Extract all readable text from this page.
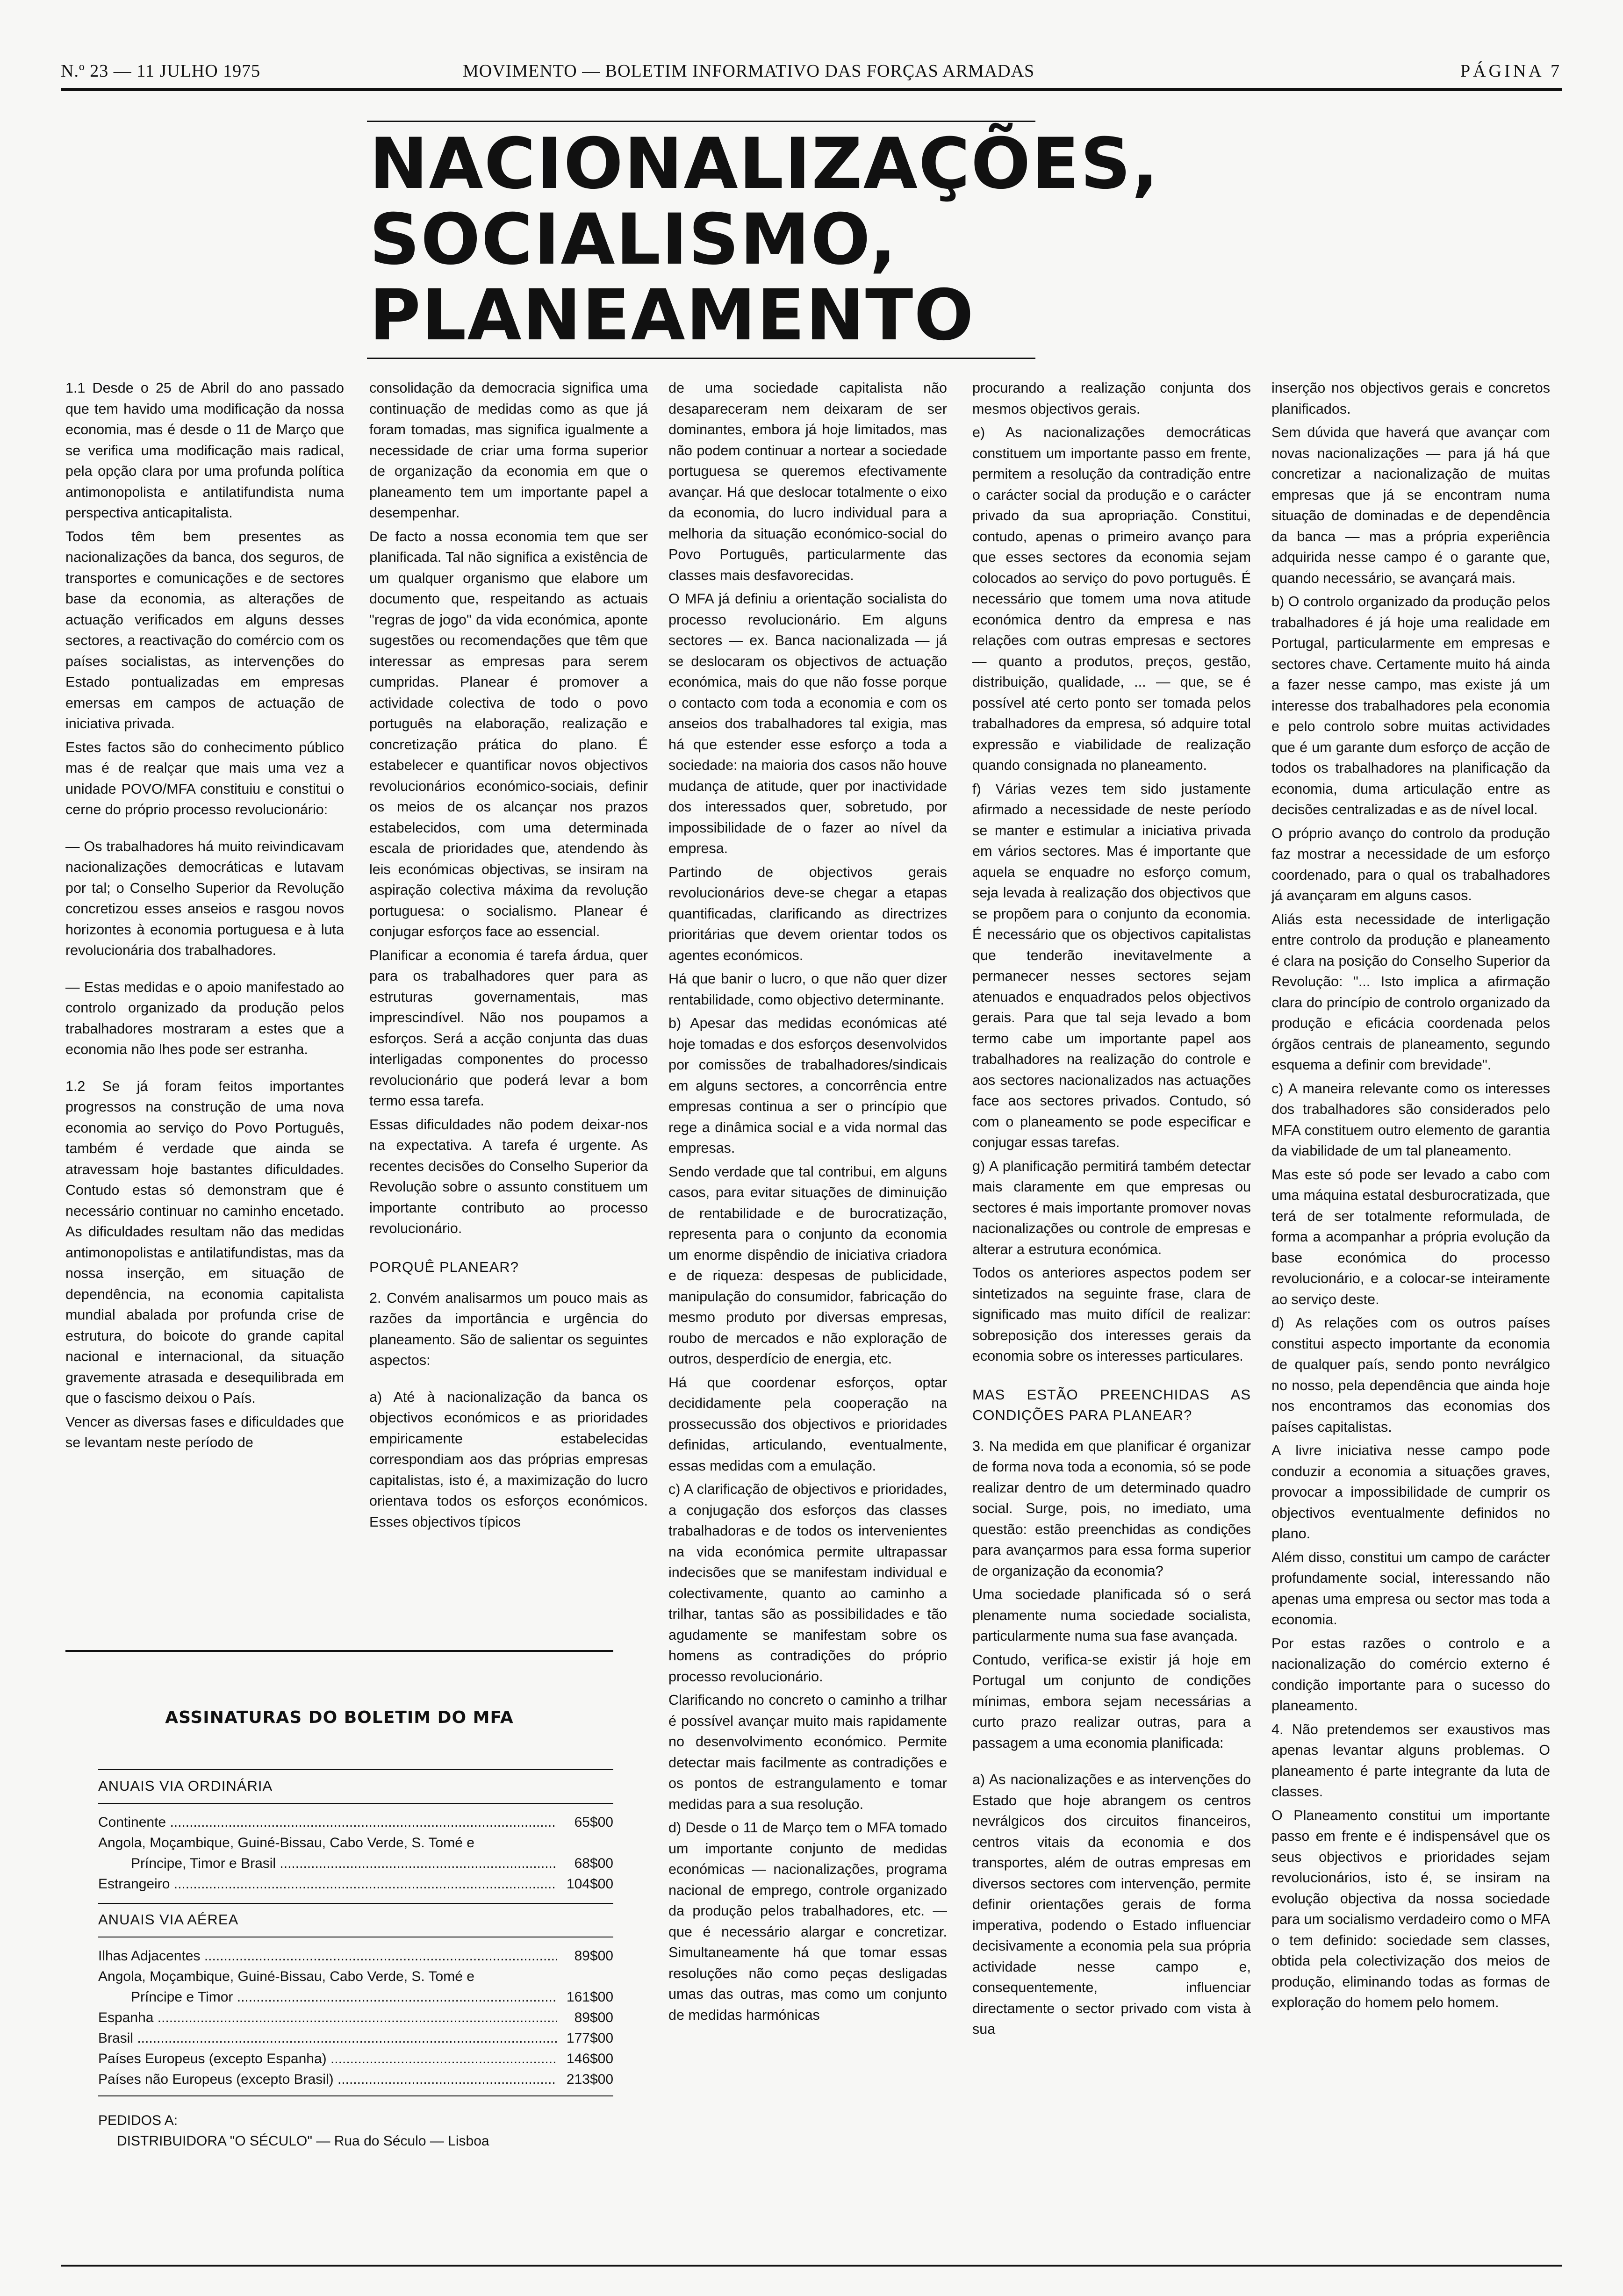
N.º 23 — 11 JULHO 1975	MOVIMENTO — BOLETIM INFORMATIVO DAS FORÇAS ARMADAS	PÁGINA 7
NACIONALIZAÇÕES,
SOCIALISMO,
PLANEAMENTO

1.1 Desde o 25 de Abril do ano passado que tem havido uma modificação da nossa economia, mas é desde o 11 de Março que se verifica uma modificação mais radical, pela opção clara por uma profunda política antimonopolista e antilatifundista numa perspectiva anticapitalista.

Todos têm bem presentes as nacionalizações da banca, dos seguros, de transportes e comunicações e de sectores base da economia, as alterações de actuação verificados em alguns desses sectores, a reactivação do comércio com os países socialistas, as intervenções do Estado pontualizadas em empresas emersas em campos de actuação de iniciativa privada.

Estes factos são do conhecimento público mas é de realçar que mais uma vez a unidade POVO/MFA constituiu e constitui o cerne do próprio processo revolucionário:

— Os trabalhadores há muito reivindicavam nacionalizações democráticas e lutavam por tal; o Conselho Superior da Revolução concretizou esses anseios e rasgou novos horizontes à economia portuguesa e à luta revolucionária dos trabalhadores.

— Estas medidas e o apoio manifestado ao controlo organizado da produção pelos trabalhadores mostraram a estes que a economia não lhes pode ser estranha.

1.2 Se já foram feitos importantes progressos na construção de uma nova economia ao serviço do Povo Português, também é verdade que ainda se atravessam hoje bastantes dificuldades. Contudo estas só demonstram que é necessário continuar no caminho encetado. As dificuldades resultam não das medidas antimonopolistas e antilatifundistas, mas da nossa inserção, em situação de dependência, na economia capitalista mundial abalada por profunda crise de estrutura, do boicote do grande capital nacional e internacional, da situação gravemente atrasada e desequilibrada em que o fascismo deixou o País.

Vencer as diversas fases e dificuldades que se levantam neste período de

consolidação da democracia significa uma continuação de medidas como as que já foram tomadas, mas significa igualmente a necessidade de criar uma forma superior de organização da economia em que o planeamento tem um importante papel a desempenhar.

De facto a nossa economia tem que ser planificada. Tal não significa a existência de um qualquer organismo que elabore um documento que, respeitando as actuais "regras de jogo" da vida económica, aponte sugestões ou recomendações que têm que interessar as empresas para serem cumpridas. Planear é promover a actividade colectiva de todo o povo português na elaboração, realização e concretização prática do plano. É estabelecer e quantificar novos objectivos revolucionários económico-sociais, definir os meios de os alcançar nos prazos estabelecidos, com uma determinada escala de prioridades que, atendendo às leis económicas objectivas, se insiram na aspiração colectiva máxima da revolução portuguesa: o socialismo. Planear é conjugar esforços face ao essencial.

Planificar a economia é tarefa árdua, quer para os trabalhadores quer para as estruturas governamentais, mas imprescindível. Não nos poupamos a esforços. Será a acção conjunta das duas interligadas componentes do processo revolucionário que poderá levar a bom termo essa tarefa.

Essas dificuldades não podem deixar-nos na expectativa. A tarefa é urgente. As recentes decisões do Conselho Superior da Revolução sobre o assunto constituem um importante contributo ao processo revolucionário.

PORQUÊ PLANEAR?

2. Convém analisarmos um pouco mais as razões da importância e urgência do planeamento. São de salientar os seguintes aspectos:

a) Até à nacionalização da banca os objectivos económicos e as prioridades empiricamente estabelecidas correspondiam aos das próprias empresas capitalistas, isto é, a maximização do lucro orientava todos os esforços económicos. Esses objectivos típicos

de uma sociedade capitalista não desapareceram nem deixaram de ser dominantes, embora já hoje limitados, mas não podem continuar a nortear a sociedade portuguesa se queremos efectivamente avançar. Há que deslocar totalmente o eixo da economia, do lucro individual para a melhoria da situação económico-social do Povo Português, particularmente das classes mais desfavorecidas.

O MFA já definiu a orientação socialista do processo revolucionário. Em alguns sectores — ex. Banca nacionalizada — já se deslocaram os objectivos de actuação económica, mais do que não fosse porque o contacto com toda a economia e com os anseios dos trabalhadores tal exigia, mas há que estender esse esforço a toda a sociedade: na maioria dos casos não houve mudança de atitude, quer por inactividade dos interessados quer, sobretudo, por impossibilidade de o fazer ao nível da empresa.

Partindo de objectivos gerais revolucionários deve-se chegar a etapas quantificadas, clarificando as directrizes prioritárias que devem orientar todos os agentes económicos.

Há que banir o lucro, o que não quer dizer rentabilidade, como objectivo determinante.

b) Apesar das medidas económicas até hoje tomadas e dos esforços desenvolvidos por comissões de trabalhadores/sindicais em alguns sectores, a concorrência entre empresas continua a ser o princípio que rege a dinâmica social e a vida normal das empresas.

Sendo verdade que tal contribui, em alguns casos, para evitar situações de diminuição de rentabilidade e de burocratização, representa para o conjunto da economia um enorme dispêndio de iniciativa criadora e de riqueza: despesas de publicidade, manipulação do consumidor, fabricação do mesmo produto por diversas empresas, roubo de mercados e não exploração de outros, desperdício de energia, etc.

Há que coordenar esforços, optar decididamente pela cooperação na prossecussão dos objectivos e prioridades definidas, articulando, eventualmente, essas medidas com a emulação.

c) A clarificação de objectivos e prioridades, a conjugação dos esforços das classes trabalhadoras e de todos os intervenientes na vida económica permite ultrapassar indecisões que se manifestam individual e colectivamente, quanto ao caminho a trilhar, tantas são as possibilidades e tão agudamente se manifestam sobre os homens as contradições do próprio processo revolucionário.

Clarificando no concreto o caminho a trilhar é possível avançar muito mais rapidamente no desenvolvimento económico. Permite detectar mais facilmente as contradições e os pontos de estrangulamento e tomar medidas para a sua resolução.

d) Desde o 11 de Março tem o MFA tomado um importante conjunto de medidas económicas — nacionalizações, programa nacional de emprego, controle organizado da produção pelos trabalhadores, etc. — que é necessário alargar e concretizar. Simultaneamente há que tomar essas resoluções não como peças desligadas umas das outras, mas como um conjunto de medidas harmónicas

procurando a realização conjunta dos mesmos objectivos gerais.

e) As nacionalizações democráticas constituem um importante passo em frente, permitem a resolução da contradição entre o carácter social da produção e o carácter privado da sua apropriação. Constitui, contudo, apenas o primeiro avanço para que esses sectores da economia sejam colocados ao serviço do povo português. É necessário que tomem uma nova atitude económica dentro da empresa e nas relações com outras empresas e sectores — quanto a produtos, preços, gestão, distribuição, qualidade, ... — que, se é possível até certo ponto ser tomada pelos trabalhadores da empresa, só adquire total expressão e viabilidade de realização quando consignada no planeamento.

f) Várias vezes tem sido justamente afirmado a necessidade de neste período se manter e estimular a iniciativa privada em vários sectores. Mas é importante que aquela se enquadre no esforço comum, seja levada à realização dos objectivos que se propõem para o conjunto da economia. É necessário que os objectivos capitalistas que tenderão inevitavelmente a permanecer nesses sectores sejam atenuados e enquadrados pelos objectivos gerais. Para que tal seja levado a bom termo cabe um importante papel aos trabalhadores na realização do controle e aos sectores nacionalizados nas actuações face aos sectores privados. Contudo, só com o planeamento se pode especificar e conjugar essas tarefas.

g) A planificação permitirá também detectar mais claramente em que empresas ou sectores é mais importante promover novas nacionalizações ou controle de empresas e alterar a estrutura económica.

Todos os anteriores aspectos podem ser sintetizados na seguinte frase, clara de significado mas muito difícil de realizar: sobreposição dos interesses gerais da economia sobre os interesses particulares.

MAS ESTÃO PREENCHIDAS AS CONDIÇÕES PARA PLANEAR?

3. Na medida em que planificar é organizar de forma nova toda a economia, só se pode realizar dentro de um determinado quadro social. Surge, pois, no imediato, uma questão: estão preenchidas as condições para avançarmos para essa forma superior de organização da economia?

Uma sociedade planificada só o será plenamente numa sociedade socialista, particularmente numa sua fase avançada.

Contudo, verifica-se existir já hoje em Portugal um conjunto de condições mínimas, embora sejam necessárias a curto prazo realizar outras, para a passagem a uma economia planificada:

a) As nacionalizações e as intervenções do Estado que hoje abrangem os centros nevrálgicos dos circuitos financeiros, centros vitais da economia e dos transportes, além de outras empresas em diversos sectores com intervenção, permite definir orientações gerais de forma imperativa, podendo o Estado influenciar decisivamente a economia pela sua própria actividade nesse campo e, consequentemente, influenciar directamente o sector privado com vista à sua

inserção nos objectivos gerais e concretos planificados.

Sem dúvida que haverá que avançar com novas nacionalizações — para já há que concretizar a nacionalização de muitas empresas que já se encontram numa situação de dominadas e de dependência da banca — mas a própria experiência adquirida nesse campo é o garante que, quando necessário, se avançará mais.

b) O controlo organizado da produção pelos trabalhadores é já hoje uma realidade em Portugal, particularmente em empresas e sectores chave. Certamente muito há ainda a fazer nesse campo, mas existe já um interesse dos trabalhadores pela economia e pelo controlo sobre muitas actividades que é um garante dum esforço de acção de todos os trabalhadores na planificação da economia, duma articulação entre as decisões centralizadas e as de nível local.

O próprio avanço do controlo da produção faz mostrar a necessidade de um esforço coordenado, para o qual os trabalhadores já avançaram em alguns casos.

Aliás esta necessidade de interligação entre controlo da produção e planeamento é clara na posição do Conselho Superior da Revolução: "... Isto implica a afirmação clara do princípio de controlo organizado da produção e eficácia coordenada pelos órgãos centrais de planeamento, segundo esquema a definir com brevidade".

c) A maneira relevante como os interesses dos trabalhadores são considerados pelo MFA constituem outro elemento de garantia da viabilidade de um tal planeamento.

Mas este só pode ser levado a cabo com uma máquina estatal desburocratizada, que terá de ser totalmente reformulada, de forma a acompanhar a própria evolução da base económica do processo revolucionário, e a colocar-se inteiramente ao serviço deste.

d) As relações com os outros países constitui aspecto importante da economia de qualquer país, sendo ponto nevrálgico no nosso, pela dependência que ainda hoje nos encontramos das economias dos países capitalistas.

A livre iniciativa nesse campo pode conduzir a economia a situações graves, provocar a impossibilidade de cumprir os objectivos eventualmente definidos no plano.

Além disso, constitui um campo de carácter profundamente social, interessando não apenas uma empresa ou sector mas toda a economia.

Por estas razões o controlo e a nacionalização do comércio externo é condição importante para o sucesso do planeamento.

4. Não pretendemos ser exaustivos mas apenas levantar alguns problemas. O planeamento é parte integrante da luta de classes.

O Planeamento constitui um importante passo em frente e é indispensável que os seus objectivos e prioridades sejam revolucionários, isto é, se insiram na evolução objectiva da nossa sociedade para um socialismo verdadeiro como o MFA o tem definido: sociedade sem classes, obtida pela colectivização dos meios de produção, eliminando todas as formas de exploração do homem pelo homem.

ASSINATURAS DO BOLETIM DO MFA
ANUAIS VIA ORDINÁRIA
Continente .....	65$00
Angola, Moçambique, Guiné-Bissau, Cabo Verde, S. Tomé e
Príncipe, Timor e Brasil .....	68$00
Estrangeiro .....	104$00
ANUAIS VIA AÉREA
Ilhas Adjacentes .....	89$00
Angola, Moçambique, Guiné-Bissau, Cabo Verde, S. Tomé e
Príncipe e Timor .....	161$00
Espanha .....	89$00
Brasil .....	177$00
Países Europeus (excepto Espanha) .....	146$00
Países não Europeus (excepto Brasil) .....	213$00
PEDIDOS A:
DISTRIBUIDORA "O SÉCULO" — Rua do Século — Lisboa
